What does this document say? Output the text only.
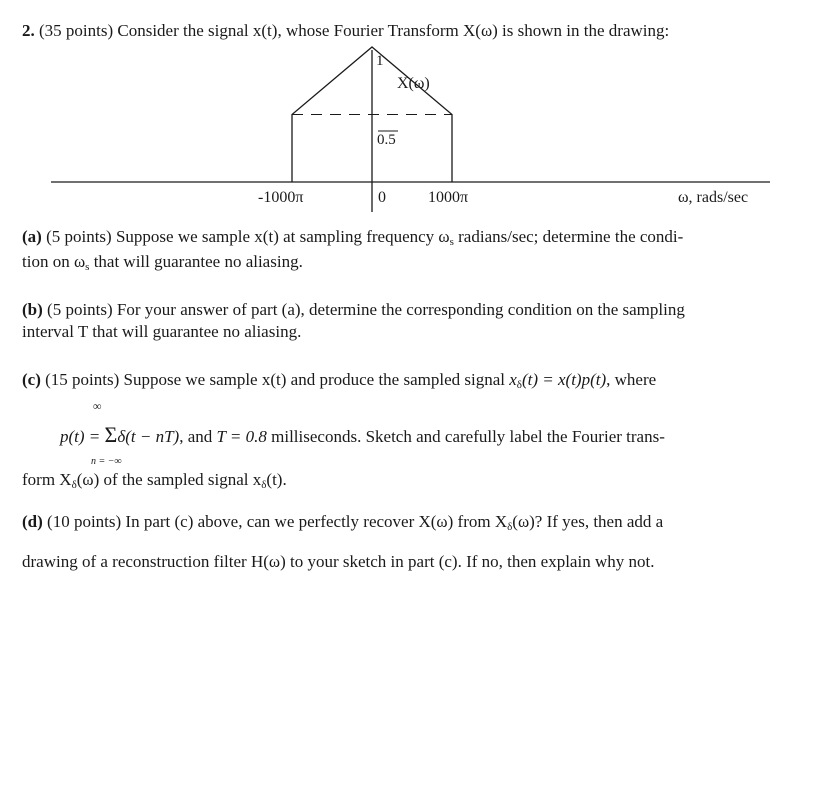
2. (35 points) Consider the signal x(t), whose Fourier Transform X(ω) is shown in the drawing:
1
X(ω)
0.5
-1000π	0	1000π	ω, rads/sec
(a) (5 points) Suppose we sample x(t) at sampling frequency $\omega_s$ radians/sec; determine the condi-
tion on $\omega_s$ that will guarantee no aliasing.
(b) (5 points) For your answer of part (a), determine the corresponding condition on the sampling
interval T that will guarantee no aliasing.
(c) (15 points) Suppose we sample x(t) and produce the sampled signal $x_\delta(t) = x(t)p(t)$, where
∞
n = −∞
p(t) = Σδ(t − nT), and T = 0.8 milliseconds. Sketch and carefully label the Fourier trans-
form $X_\delta(\omega)$ of the sampled signal $x_\delta(t)$.
(d) (10 points) In part (c) above, can we perfectly recover X(ω) from $X_\delta(\omega)$? If yes, then add a
drawing of a reconstruction filter H(ω) to your sketch in part (c). If no, then explain why not.
